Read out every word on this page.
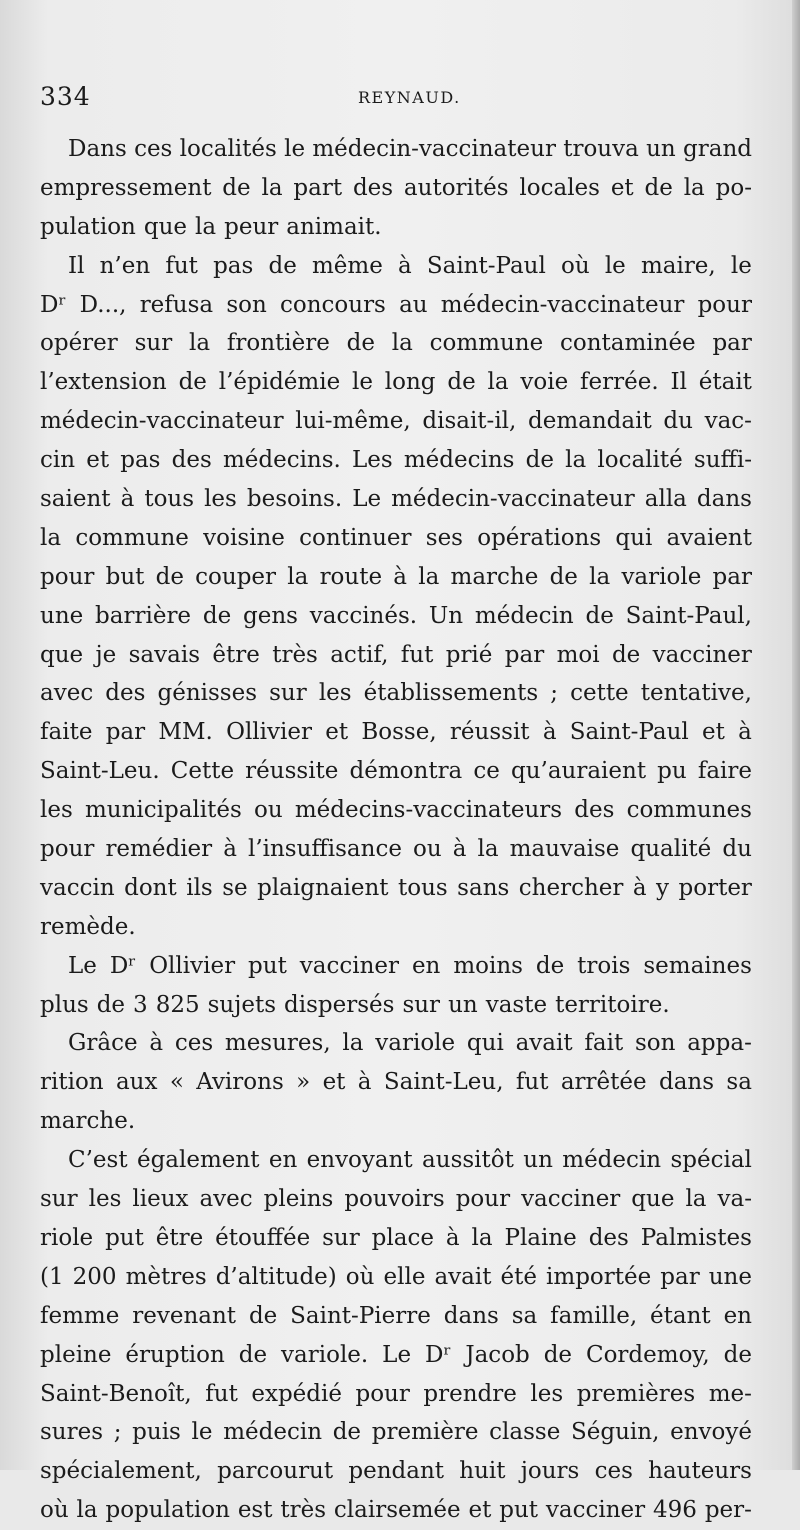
334	REYNAUD.
Dans ces localités le médecin-vaccinateur trouva un grand
empressement de la part des autorités locales et de la po-
pulation que la peur animait.
Il n’en fut pas de même à Saint-Paul où le maire, le
Dʳ D..., refusa son concours au médecin-vaccinateur pour
opérer sur la frontière de la commune contaminée par
l’extension de l’épidémie le long de la voie ferrée. Il était
médecin-vaccinateur lui-même, disait-il, demandait du vac-
cin et pas des médecins. Les médecins de la localité suffi-
saient à tous les besoins. Le médecin-vaccinateur alla dans
la commune voisine continuer ses opérations qui avaient
pour but de couper la route à la marche de la variole par
une barrière de gens vaccinés. Un médecin de Saint-Paul,
que je savais être très actif, fut prié par moi de vacciner
avec des génisses sur les établissements ; cette tentative,
faite par MM. Ollivier et Bosse, réussit à Saint-Paul et à
Saint-Leu. Cette réussite démontra ce qu’auraient pu faire
les municipalités ou médecins-vaccinateurs des communes
pour remédier à l’insuffisance ou à la mauvaise qualité du
vaccin dont ils se plaignaient tous sans chercher à y porter
remède.
Le Dʳ Ollivier put vacciner en moins de trois semaines
plus de 3 825 sujets dispersés sur un vaste territoire.
Grâce à ces mesures, la variole qui avait fait son appa-
rition aux « Avirons » et à Saint-Leu, fut arrêtée dans sa
marche.
C’est également en envoyant aussitôt un médecin spécial
sur les lieux avec pleins pouvoirs pour vacciner que la va-
riole put être étouffée sur place à la Plaine des Palmistes
(1 200 mètres d’altitude) où elle avait été importée par une
femme revenant de Saint-Pierre dans sa famille, étant en
pleine éruption de variole. Le Dʳ Jacob de Cordemoy, de
Saint-Benoît, fut expédié pour prendre les premières me-
sures ; puis le médecin de première classe Séguin, envoyé
spécialement, parcourut pendant huit jours ces hauteurs
où la population est très clairsemée et put vacciner 496 per-
